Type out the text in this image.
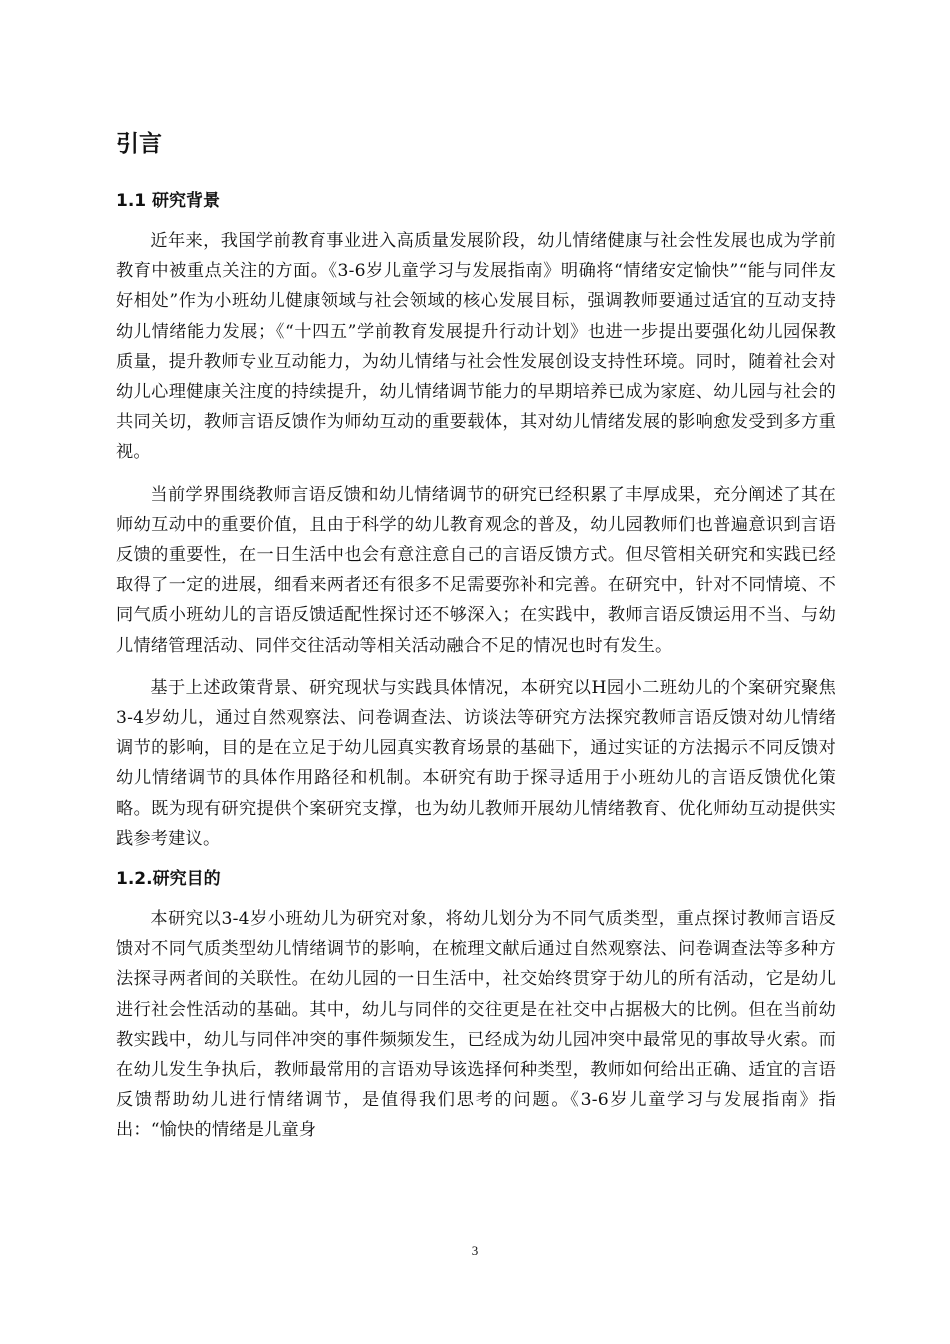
引言
1.1 研究背景

近年来，我国学前教育事业进入高质量发展阶段，幼儿情绪健康与社会性发展也成为学前教育中被重点关注的方面。《3-6岁儿童学习与发展指南》明确将“情绪安定愉快”“能与同伴友好相处”作为小班幼儿健康领域与社会领域的核心发展目标，强调教师要通过适宜的互动支持幼儿情绪能力发展；《“十四五”学前教育发展提升行动计划》也进一步提出要强化幼儿园保教质量，提升教师专业互动能力，为幼儿情绪与社会性发展创设支持性环境。同时，随着社会对幼儿心理健康关注度的持续提升，幼儿情绪调节能力的早期培养已成为家庭、幼儿园与社会的共同关切，教师言语反馈作为师幼互动的重要载体，其对幼儿情绪发展的影响愈发受到多方重视。

当前学界围绕教师言语反馈和幼儿情绪调节的研究已经积累了丰厚成果，充分阐述了其在师幼互动中的重要价值，且由于科学的幼儿教育观念的普及，幼儿园教师们也普遍意识到言语反馈的重要性，在一日生活中也会有意注意自己的言语反馈方式。但尽管相关研究和实践已经取得了一定的进展，细看来两者还有很多不足需要弥补和完善。在研究中，针对不同情境、不同气质小班幼儿的言语反馈适配性探讨还不够深入；在实践中，教师言语反馈运用不当、与幼儿情绪管理活动、同伴交往活动等相关活动融合不足的情况也时有发生。

基于上述政策背景、研究现状与实践具体情况，本研究以H园小二班幼儿的个案研究聚焦3-4岁幼儿，通过自然观察法、问卷调查法、访谈法等研究方法探究教师言语反馈对幼儿情绪调节的影响，目的是在立足于幼儿园真实教育场景的基础下，通过实证的方法揭示不同反馈对幼儿情绪调节的具体作用路径和机制。本研究有助于探寻适用于小班幼儿的言语反馈优化策略。既为现有研究提供个案研究支撑，也为幼儿教师开展幼儿情绪教育、优化师幼互动提供实践参考建议。

1.2.研究目的

本研究以3-4岁小班幼儿为研究对象，将幼儿划分为不同气质类型，重点探讨教师言语反馈对不同气质类型幼儿情绪调节的影响，在梳理文献后通过自然观察法、问卷调查法等多种方法探寻两者间的关联性。在幼儿园的一日生活中，社交始终贯穿于幼儿的所有活动，它是幼儿进行社会性活动的基础。其中，幼儿与同伴的交往更是在社交中占据极大的比例。但在当前幼教实践中，幼儿与同伴冲突的事件频频发生，已经成为幼儿园冲突中最常见的事故导火索。而在幼儿发生争执后，教师最常用的言语劝导该选择何种类型，教师如何给出正确、适宜的言语反馈帮助幼儿进行情绪调节，是值得我们思考的问题。《3-6岁儿童学习与发展指南》指出：“愉快的情绪是儿童身

3
